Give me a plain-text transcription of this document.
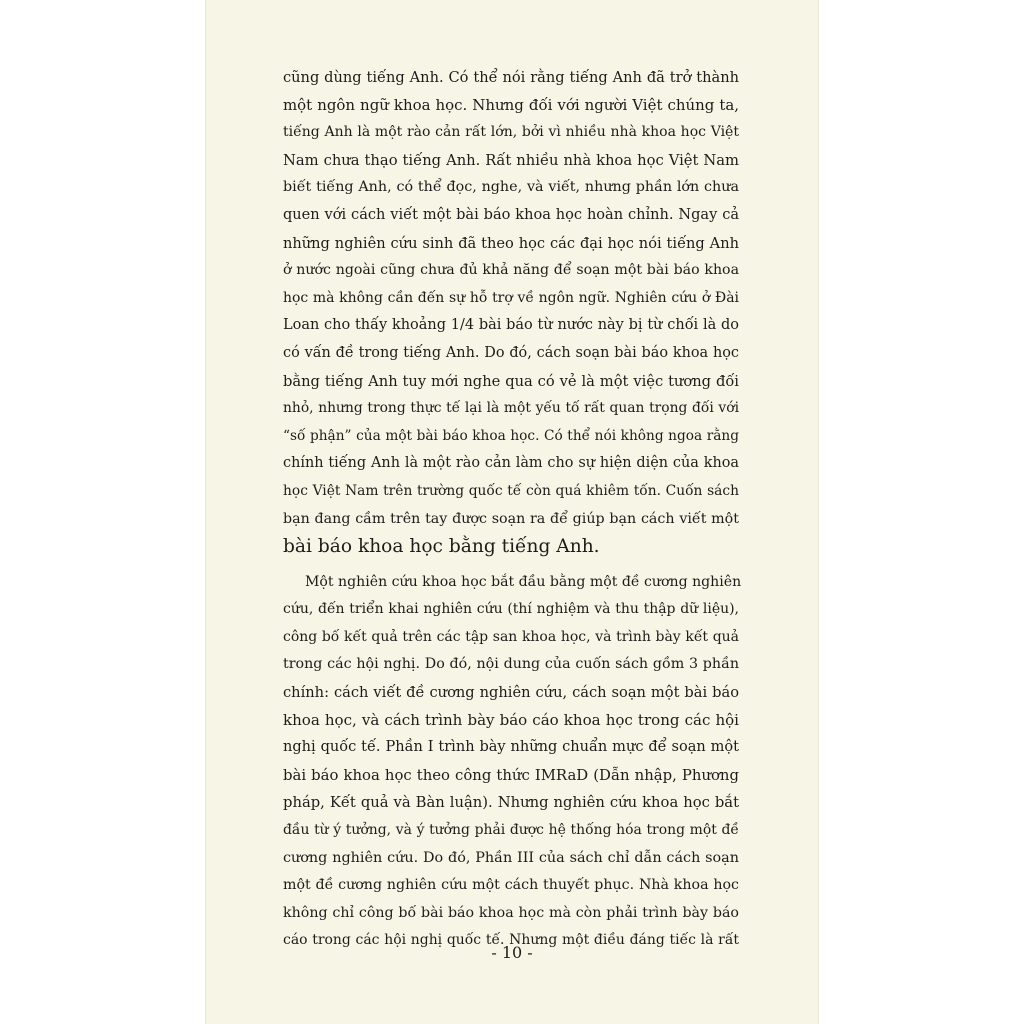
cũng dùng tiếng Anh. Có thể nói rằng tiếng Anh đã trở thành
một ngôn ngữ khoa học. Nhưng đối với người Việt chúng ta,
tiếng Anh là một rào cản rất lớn, bởi vì nhiều nhà khoa học Việt
Nam chưa thạo tiếng Anh. Rất nhiều nhà khoa học Việt Nam
biết tiếng Anh, có thể đọc, nghe, và viết, nhưng phần lớn chưa
quen với cách viết một bài báo khoa học hoàn chỉnh. Ngay cả
những nghiên cứu sinh đã theo học các đại học nói tiếng Anh
ở nước ngoài cũng chưa đủ khả năng để soạn một bài báo khoa
học mà không cần đến sự hỗ trợ về ngôn ngữ. Nghiên cứu ở Đài
Loan cho thấy khoảng 1/4 bài báo từ nước này bị từ chối là do
có vấn đề trong tiếng Anh. Do đó, cách soạn bài báo khoa học
bằng tiếng Anh tuy mới nghe qua có vẻ là một việc tương đối
nhỏ, nhưng trong thực tế lại là một yếu tố rất quan trọng đối với
“số phận” của một bài báo khoa học. Có thể nói không ngoa rằng
chính tiếng Anh là một rào cản làm cho sự hiện diện của khoa
học Việt Nam trên trường quốc tế còn quá khiêm tốn. Cuốn sách
bạn đang cầm trên tay được soạn ra để giúp bạn cách viết một
bài báo khoa học bằng tiếng Anh.
Một nghiên cứu khoa học bắt đầu bằng một đề cương nghiên
cứu, đến triển khai nghiên cứu (thí nghiệm và thu thập dữ liệu),
công bố kết quả trên các tập san khoa học, và trình bày kết quả
trong các hội nghị. Do đó, nội dung của cuốn sách gồm 3 phần
chính: cách viết đề cương nghiên cứu, cách soạn một bài báo
khoa học, và cách trình bày báo cáo khoa học trong các hội
nghị quốc tế. Phần I trình bày những chuẩn mực để soạn một
bài báo khoa học theo công thức IMRaD (Dẫn nhập, Phương
pháp, Kết quả và Bàn luận). Nhưng nghiên cứu khoa học bắt
đầu từ ý tưởng, và ý tưởng phải được hệ thống hóa trong một đề
cương nghiên cứu. Do đó, Phần III của sách chỉ dẫn cách soạn
một đề cương nghiên cứu một cách thuyết phục. Nhà khoa học
không chỉ công bố bài báo khoa học mà còn phải trình bày báo
cáo trong các hội nghị quốc tế. Nhưng một điều đáng tiếc là rất
- 10 -
